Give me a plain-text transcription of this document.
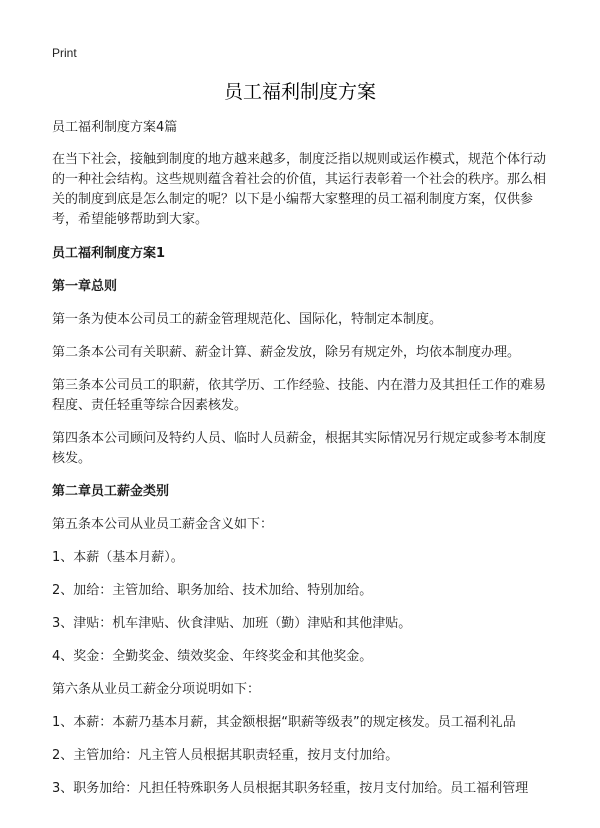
Print
员工福利制度方案

员工福利制度方案4篇

在当下社会，接触到制度的地方越来越多，制度泛指以规则或运作模式，规范个体行动的一种社会结构。这些规则蕴含着社会的价值，其运行表彰着一个社会的秩序。那么相关的制度到底是怎么制定的呢？以下是小编帮大家整理的员工福利制度方案，仅供参考，希望能够帮助到大家。

员工福利制度方案1

第一章总则

第一条为使本公司员工的薪金管理规范化、国际化，特制定本制度。

第二条本公司有关职薪、薪金计算、薪金发放，除另有规定外，均依本制度办理。

第三条本公司员工的职薪，依其学历、工作经验、技能、内在潜力及其担任工作的难易程度、责任轻重等综合因素核发。

第四条本公司顾问及特约人员、临时人员薪金，根据其实际情况另行规定或参考本制度核发。

第二章员工薪金类别

第五条本公司从业员工薪金含义如下：

1、本薪（基本月薪）。

2、加给：主管加给、职务加给、技术加给、特别加给。

3、津贴：机车津贴、伙食津贴、加班（勤）津贴和其他津贴。

4、奖金：全勤奖金、绩效奖金、年终奖金和其他奖金。

第六条从业员工薪金分项说明如下：

1、本薪：本薪乃基本月薪，其金额根据“职薪等级表”的规定核发。员工福利礼品

2、主管加给：凡主管人员根据其职责轻重，按月支付加给。

3、职务加给：凡担任特殊职务人员根据其职务轻重，按月支付加给。员工福利管理
